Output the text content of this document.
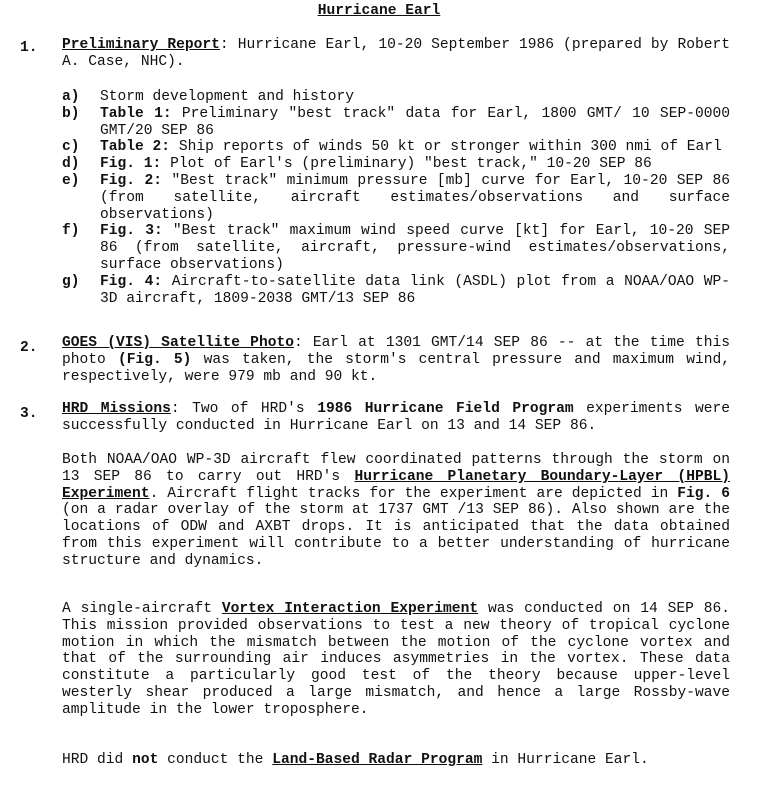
Hurricane Earl
1. Preliminary Report: Hurricane Earl, 10-20 September 1986 (prepared by Robert A. Case, NHC).
a) Storm development and history
b) Table 1: Preliminary "best track" data for Earl, 1800 GMT/ 10 SEP-0000 GMT/20 SEP 86
c) Table 2: Ship reports of winds 50 kt or stronger within 300 nmi of Earl
d) Fig. 1: Plot of Earl's (preliminary) "best track," 10-20 SEP 86
e) Fig. 2: "Best track" minimum pressure [mb] curve for Earl, 10-20 SEP 86 (from satellite, aircraft estimates/observations and surface observations)
f) Fig. 3: "Best track" maximum wind speed curve [kt] for Earl, 10-20 SEP 86 (from satellite, aircraft, pressure-wind estimates/observations, surface observations)
g) Fig. 4: Aircraft-to-satellite data link (ASDL) plot from a NOAA/OAO WP-3D aircraft, 1809-2038 GMT/13 SEP 86
2. GOES (VIS) Satellite Photo: Earl at 1301 GMT/14 SEP 86 -- at the time this photo (Fig. 5) was taken, the storm's central pressure and maximum wind, respectively, were 979 mb and 90 kt.
3. HRD Missions: Two of HRD's 1986 Hurricane Field Program experiments were successfully conducted in Hurricane Earl on 13 and 14 SEP 86.
Both NOAA/OAO WP-3D aircraft flew coordinated patterns through the storm on 13 SEP 86 to carry out HRD's Hurricane Planetary Boundary-Layer (HPBL) Experiment. Aircraft flight tracks for the experiment are depicted in Fig. 6 (on a radar overlay of the storm at 1737 GMT /13 SEP 86). Also shown are the locations of ODW and AXBT drops. It is anticipated that the data obtained from this experiment will contribute to a better understanding of hurricane structure and dynamics.
A single-aircraft Vortex Interaction Experiment was conducted on 14 SEP 86. This mission provided observations to test a new theory of tropical cyclone motion in which the mismatch between the motion of the cyclone vortex and that of the surrounding air induces asymmetries in the vortex. These data constitute a particularly good test of the theory because upper-level westerly shear produced a large mismatch, and hence a large Rossby-wave amplitude in the lower troposphere.
HRD did not conduct the Land-Based Radar Program in Hurricane Earl.
